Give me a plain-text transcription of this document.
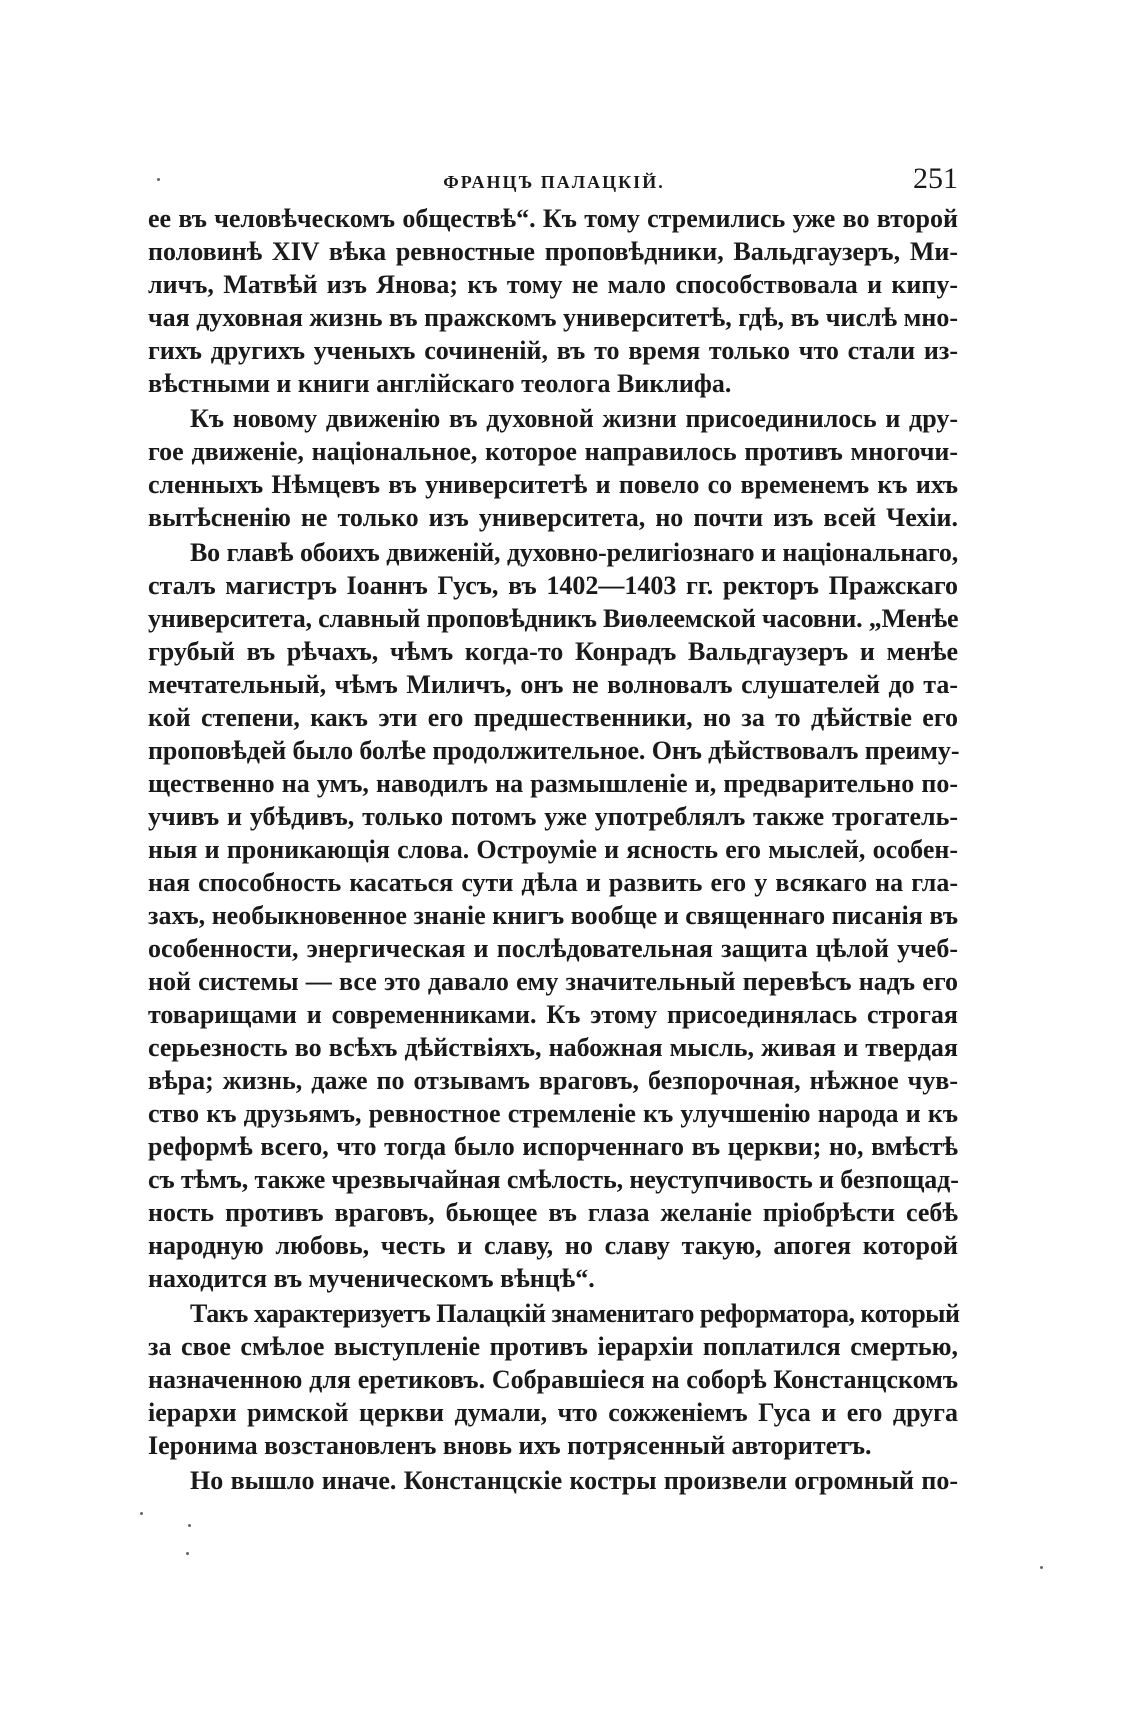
ФРАНЦЪ ПАЛАЦКІЙ.	251
ее въ человѣческомъ обществѣ“. Къ тому стремились уже во второй
половинѣ XIV вѣка ревностные проповѣдники, Вальдгаузеръ, Ми-
личъ, Матвѣй изъ Янова; къ тому не мало способствовала и кипу-
чая духовная жизнь въ пражскомъ университетѣ, гдѣ, въ числѣ мно-
гихъ другихъ ученыхъ сочиненій, въ то время только что стали из-
вѣстными и книги англійскаго теолога Виклифа.
Къ новому движенію въ духовной жизни присоединилось и дру-
гое движеніе, національное, которое направилось противъ многочи-
сленныхъ Нѣмцевъ въ университетѣ и повело со временемъ къ ихъ
вытѣсненію не только изъ университета, но почти изъ всей Чехіи.
Во главѣ обоихъ движеній, духовно-религіознаго и національнаго,
сталъ магистръ Іоаннъ Гусъ, въ 1402—1403 гг. ректоръ Пражскаго
университета, славный проповѣдникъ Виѳлеемской часовни. „Менѣе
грубый въ рѣчахъ, чѣмъ когда-то Конрадъ Вальдгаузеръ и менѣе
мечтательный, чѣмъ Миличъ, онъ не волновалъ слушателей до та-
кой степени, какъ эти его предшественники, но за то дѣйствіе его
проповѣдей было болѣе продолжительное. Онъ дѣйствовалъ преиму-
щественно на умъ, наводилъ на размышленіе и, предварительно по-
учивъ и убѣдивъ, только потомъ уже употреблялъ также трогатель-
ныя и проникающія слова. Остроуміе и ясность его мыслей, особен-
ная способность касаться сути дѣла и развить его у всякаго на гла-
захъ, необыкновенное знаніе книгъ вообще и священнаго писанія въ
особенности, энергическая и послѣдовательная защита цѣлой учеб-
ной системы — все это давало ему значительный перевѣсъ надъ его
товарищами и современниками. Къ этому присоединялась строгая
серьезность во всѣхъ дѣйствіяхъ, набожная мысль, живая и твердая
вѣра; жизнь, даже по отзывамъ враговъ, безпорочная, нѣжное чув-
ство къ друзьямъ, ревностное стремленіе къ улучшенію народа и къ
реформѣ всего, что тогда было испорченнаго въ церкви; но, вмѣстѣ
съ тѣмъ, также чрезвычайная смѣлость, неуступчивость и безпощад-
ность противъ враговъ, бьющее въ глаза желаніе пріобрѣсти себѣ
народную любовь, честь и славу, но славу такую, апогея которой
находится въ мученическомъ вѣнцѣ“.
Такъ характеризуетъ Палацкій знаменитаго реформатора, который
за свое смѣлое выступленіе противъ іерархіи поплатился смертью,
назначенною для еретиковъ. Собравшіеся на соборѣ Констанцскомъ
іерархи римской церкви думали, что сожженіемъ Гуса и его друга
Іеронима возстановленъ вновь ихъ потрясенный авторитетъ.
Но вышло иначе. Констанцскіе костры произвели огромный по-
